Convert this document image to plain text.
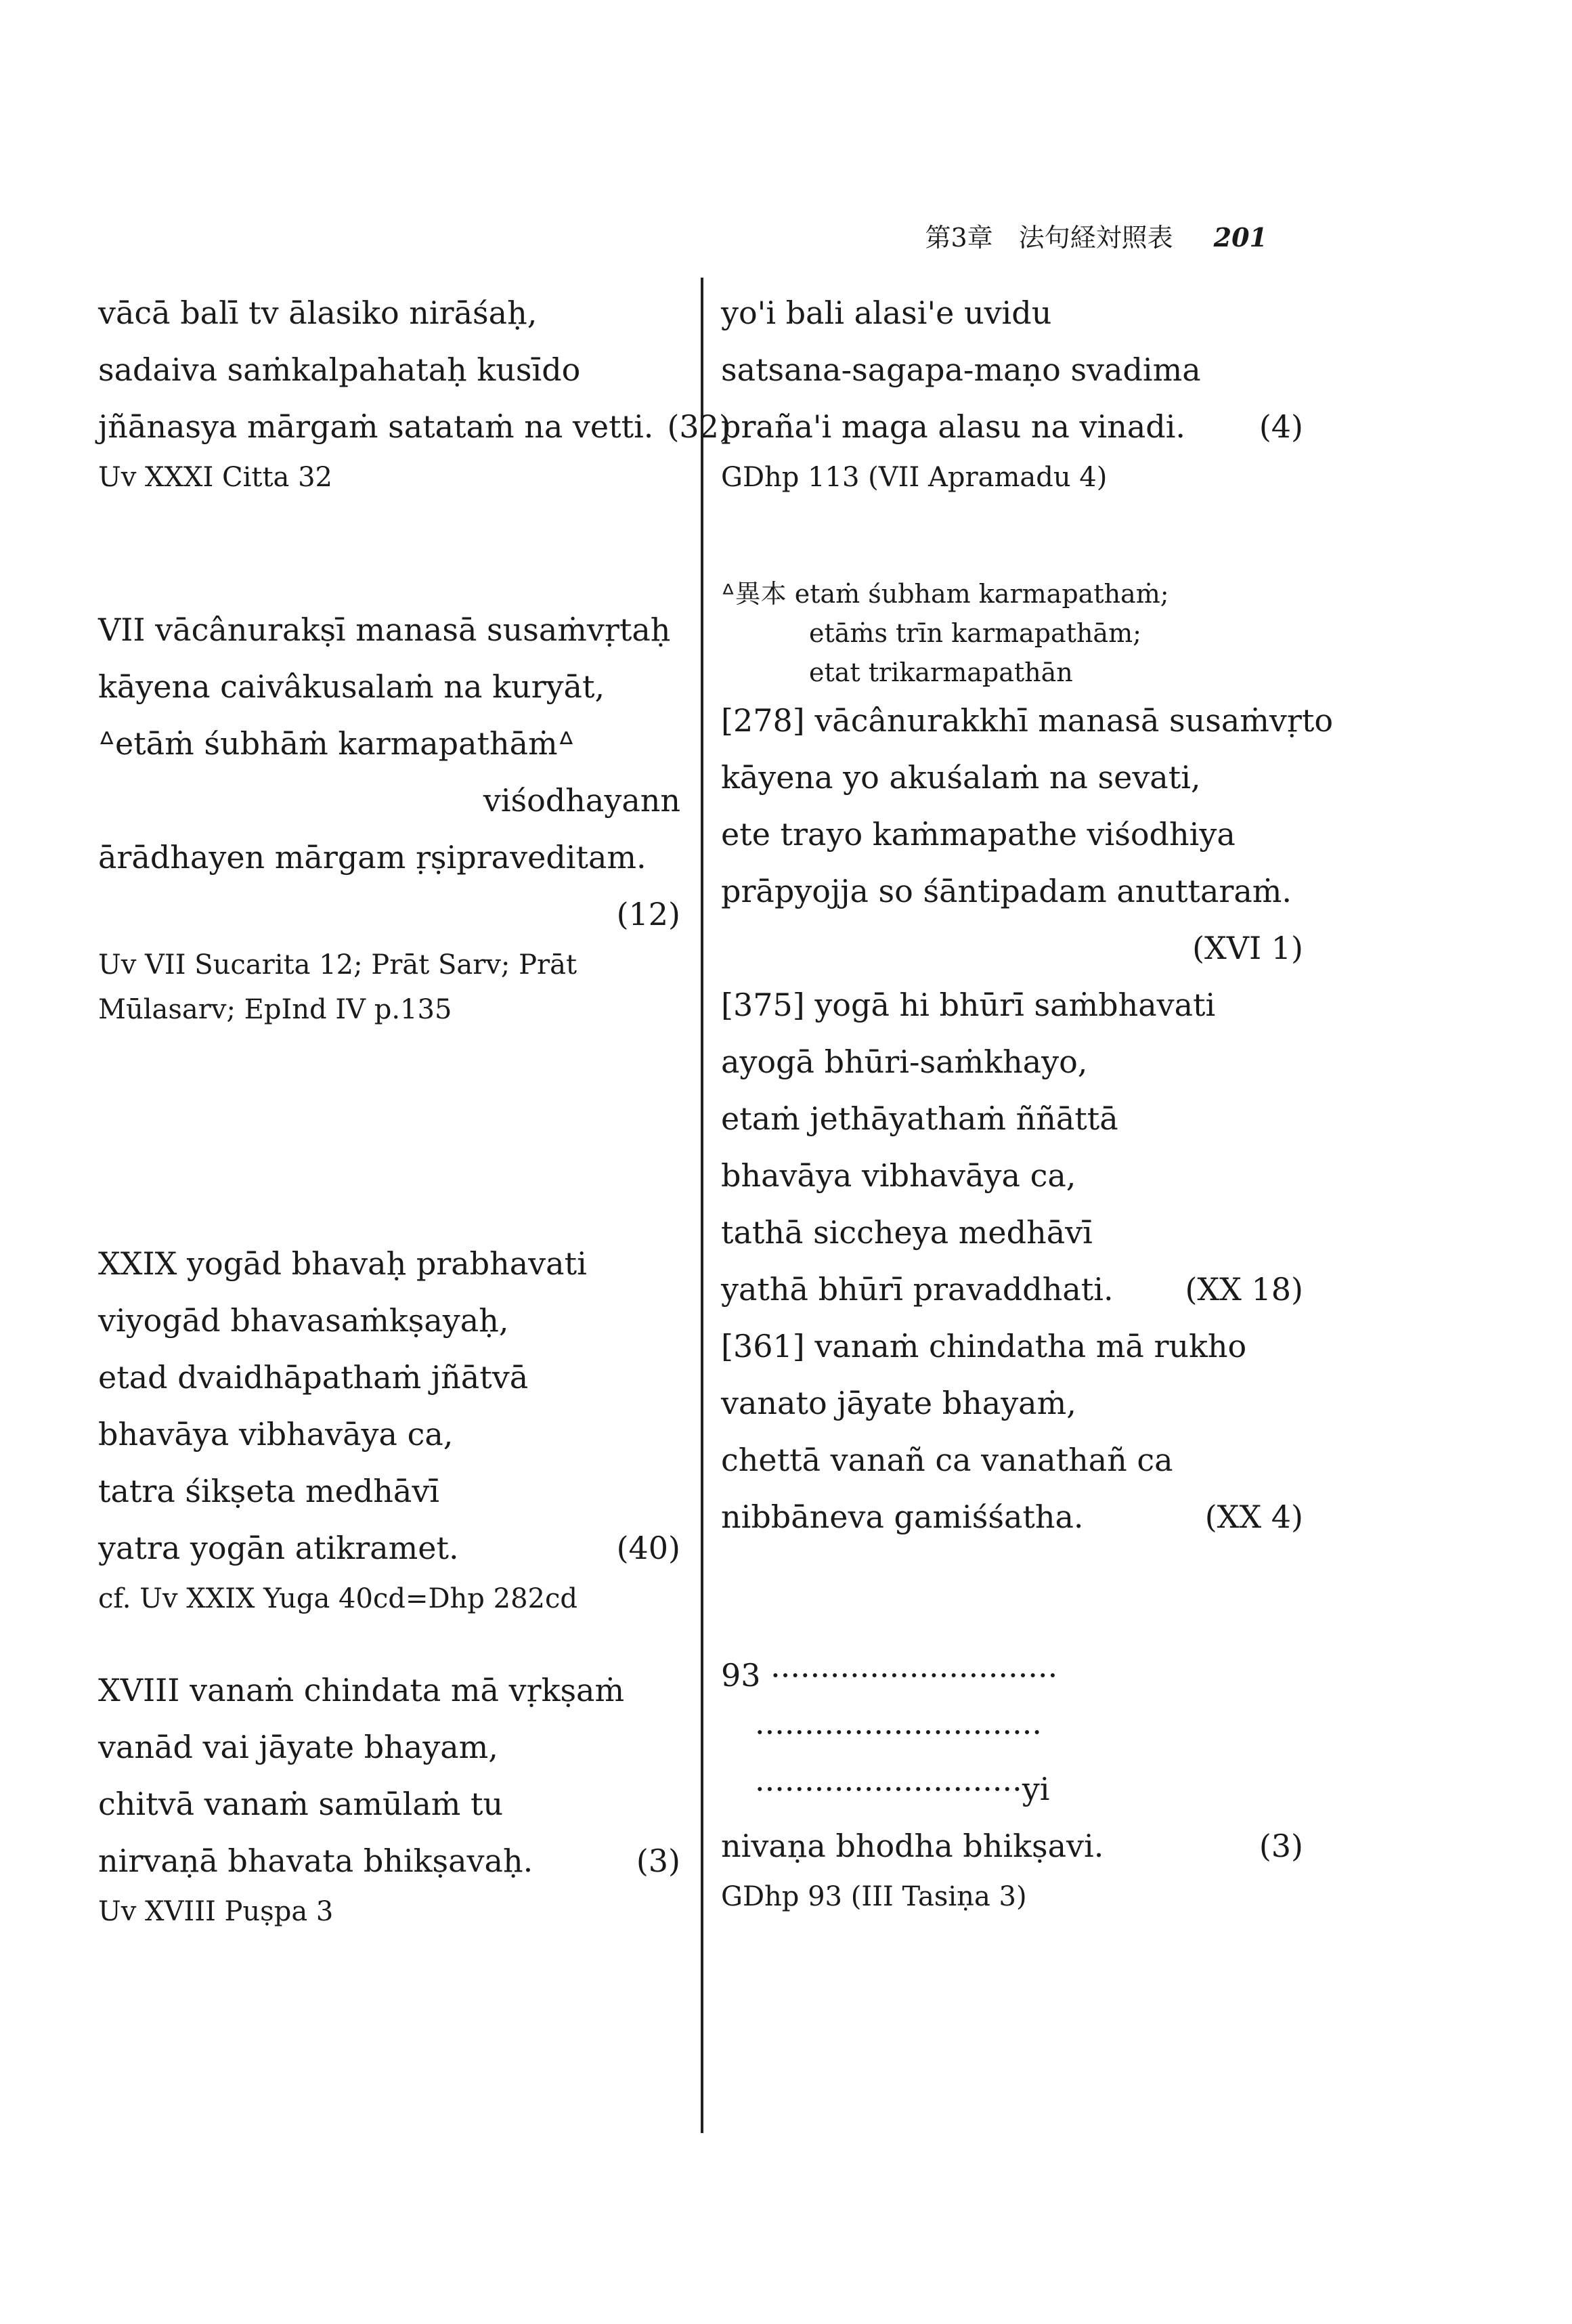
第3章　法句経対照表 201
vācā balī tv ālasiko nirāśaḥ,
sadaiva saṁkalpahataḥ kusīdo
jñānasya mārgaṁ satataṁ na vetti. (32)
Uv XXXI Citta 32
VII vācânurakṣī manasā susaṁvṛtaḥ
kāyena caivâkusalaṁ na kuryāt,
ᐞetāṁ śubhāṁ karmapathāṁᐞ
viśodhayann
ārādhayen mārgam ṛṣipraveditam.
(12)
Uv VII Sucarita 12; Prāt Sarv; Prāt
Mūlasarv; EpInd IV p.135
XXIX yogād bhavaḥ prabhavati
viyogād bhavasaṁkṣayaḥ,
etad dvaidhāpathaṁ jñātvā
bhavāya vibhavāya ca,
tatra śikṣeta medhāvī
yatra yogān atikramet.	(40)
cf. Uv XXIX Yuga 40cd=Dhp 282cd
XVIII vanaṁ chindata mā vṛkṣaṁ
vanād vai jāyate bhayam,
chitvā vanaṁ samūlaṁ tu
nirvaṇā bhavata bhikṣavaḥ.	(3)
Uv XVIII Puṣpa 3
yo'i bali alasi'e uvidu
satsana-sagapa-maṇo svadima
praña'i maga alasu na vinadi. (4)
GDhp 113 (VII Apramadu 4)
ᐞ異本 etaṁ śubham karmapathaṁ;
etāṁs trīn karmapathām;
etat trikarmapathān
[278] vācânurakkhī manasā susaṁvṛto
kāyena yo akuśalaṁ na sevati,
ete trayo kaṁmapathe viśodhiya
prāpyojja so śāntipadam anuttaraṁ.
(XVI 1)
[375] yogā hi bhūrī saṁbhavati
ayogā bhūri-saṁkhayo,
etaṁ jethāyathaṁ ññāttā
bhavāya vibhavāya ca,
tathā siccheya medhāvī
yathā bhūrī pravaddhati. (XX 18)
[361] vanaṁ chindatha mā rukho
vanato jāyate bhayaṁ,
chettā vanañ ca vanathañ ca
nibbāneva gamiśśatha.	(XX 4)
93 ·····························
·····························
···························yi
nivaṇa bhodha bhikṣavi.	(3)
GDhp 93 (III Tasiṇa 3)
